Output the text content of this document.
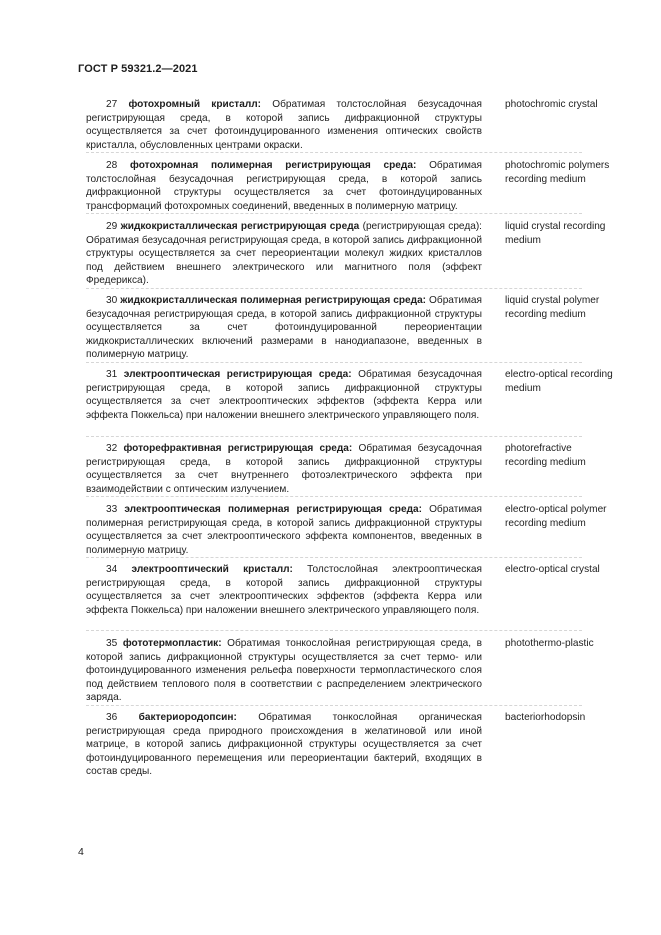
ГОСТ Р 59321.2—2021
27 фотохромный кристалл: Обратимая толстослойная безусадочная регистрирующая среда, в которой запись дифракционной структуры осуществляется за счет фотоиндуцированного изменения оптических свойств кристалла, обусловленных центрами окраски.
photochromic crystal
28 фотохромная полимерная регистрирующая среда: Обратимая толстослойная безусадочная регистрирующая среда, в которой запись дифракционной структуры осуществляется за счет фотоиндуцированных трансформаций фотохромных соединений, введенных в полимерную матрицу.
photochromic polymers recording medium
29 жидкокристаллическая регистрирующая среда (регистрирующая среда): Обратимая безусадочная регистрирующая среда, в которой запись дифракционной структуры осуществляется за счет переориентации молекул жидких кристаллов под действием внешнего электрического или магнитного поля (эффект Фредерикса).
liquid crystal recording medium
30 жидкокристаллическая полимерная регистрирующая среда: Обратимая безусадочная регистрирующая среда, в которой запись дифракционной структуры осуществляется за счет фотоиндуцированной переориентации жидкокристаллических включений размерами в нанодиапазоне, введенных в полимерную матрицу.
liquid crystal polymer recording medium
31 электрооптическая регистрирующая среда: Обратимая безусадочная регистрирующая среда, в которой запись дифракционной структуры осуществляется за счет электрооптических эффектов (эффекта Керра или эффекта Поккельса) при наложении внешнего электрического управляющего поля.
electro-optical recording medium
32 фоторефрактивная регистрирующая среда: Обратимая безусадочная регистрирующая среда, в которой запись дифракционной структуры осуществляется за счет внутреннего фотоэлектрического эффекта при взаимодействии с оптическим излучением.
photorefractive recording medium
33 электрооптическая полимерная регистрирующая среда: Обратимая полимерная регистрирующая среда, в которой запись дифракционной структуры осуществляется за счет электрооптического эффекта компонентов, введенных в полимерную матрицу.
electro-optical polymer recording medium
34 электрооптический кристалл: Толстослойная электрооптическая регистрирующая среда, в которой запись дифракционной структуры осуществляется за счет электрооптических эффектов (эффекта Керра или эффекта Поккельса) при наложении внешнего электрического управляющего поля.
electro-optical crystal
35 фототермопластик: Обратимая тонкослойная регистрирующая среда, в которой запись дифракционной структуры осуществляется за счет термо- или фотоиндуцированного изменения рельефа поверхности термопластического слоя под действием теплового поля в соответствии с распределением электрического заряда.
photothermo-plastic
36 бактериородопсин: Обратимая тонкослойная органическая регистрирующая среда природного происхождения в желатиновой или иной матрице, в которой запись дифракционной структуры осуществляется за счет фотоиндуцированного перемещения или переориентации бактерий, входящих в состав среды.
bacteriorhodopsin
4
